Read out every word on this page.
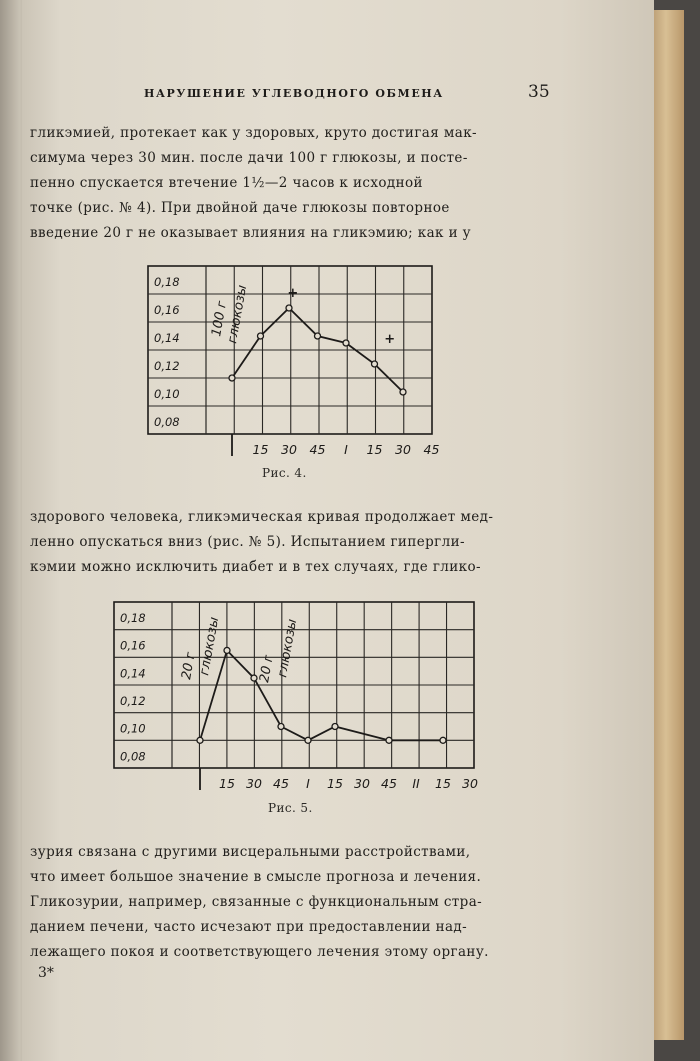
НАРУШЕНИЕ УГЛЕВОДНОГО ОБМЕНА	35
гликэмией, протекает как у здоровых, круто достигая мак-
симума через 30 мин. после дачи 100 г глюкозы, и посте-
пенно спускается втечение 1½—2 часов к исходной
точке (рис. № 4). При двойной даче глюкозы повторное
введение 20 г не оказывает влияния на гликэмию; как и у
0,18
0,16
0,14
0,12
0,10
0,08
15 30 45 I 15 30 45
+
+
100 г
глюкозы
Рис. 4.
здорового человека, гликэмическая кривая продолжает мед-
ленно опускаться вниз (рис. № 5). Испытанием гипергли-
кэмии можно исключить диабет и в тех случаях, где глико-
0,18
0,16
0,14
0,12
0,10
0,08
15 30 45 I 15 30 45 II 15 30
20 г
глюкозы	20 г
глюкозы
Рис. 5.
зурия связана с другими висцеральными расстройствами,
что имеет большое значение в смысле прогноза и лечения.
Гликозурии, например, связанные с функциональным стра-
данием печени, часто исчезают при предоставлении над-
лежащего покоя и соответствующего лечения этому органу.
3*
